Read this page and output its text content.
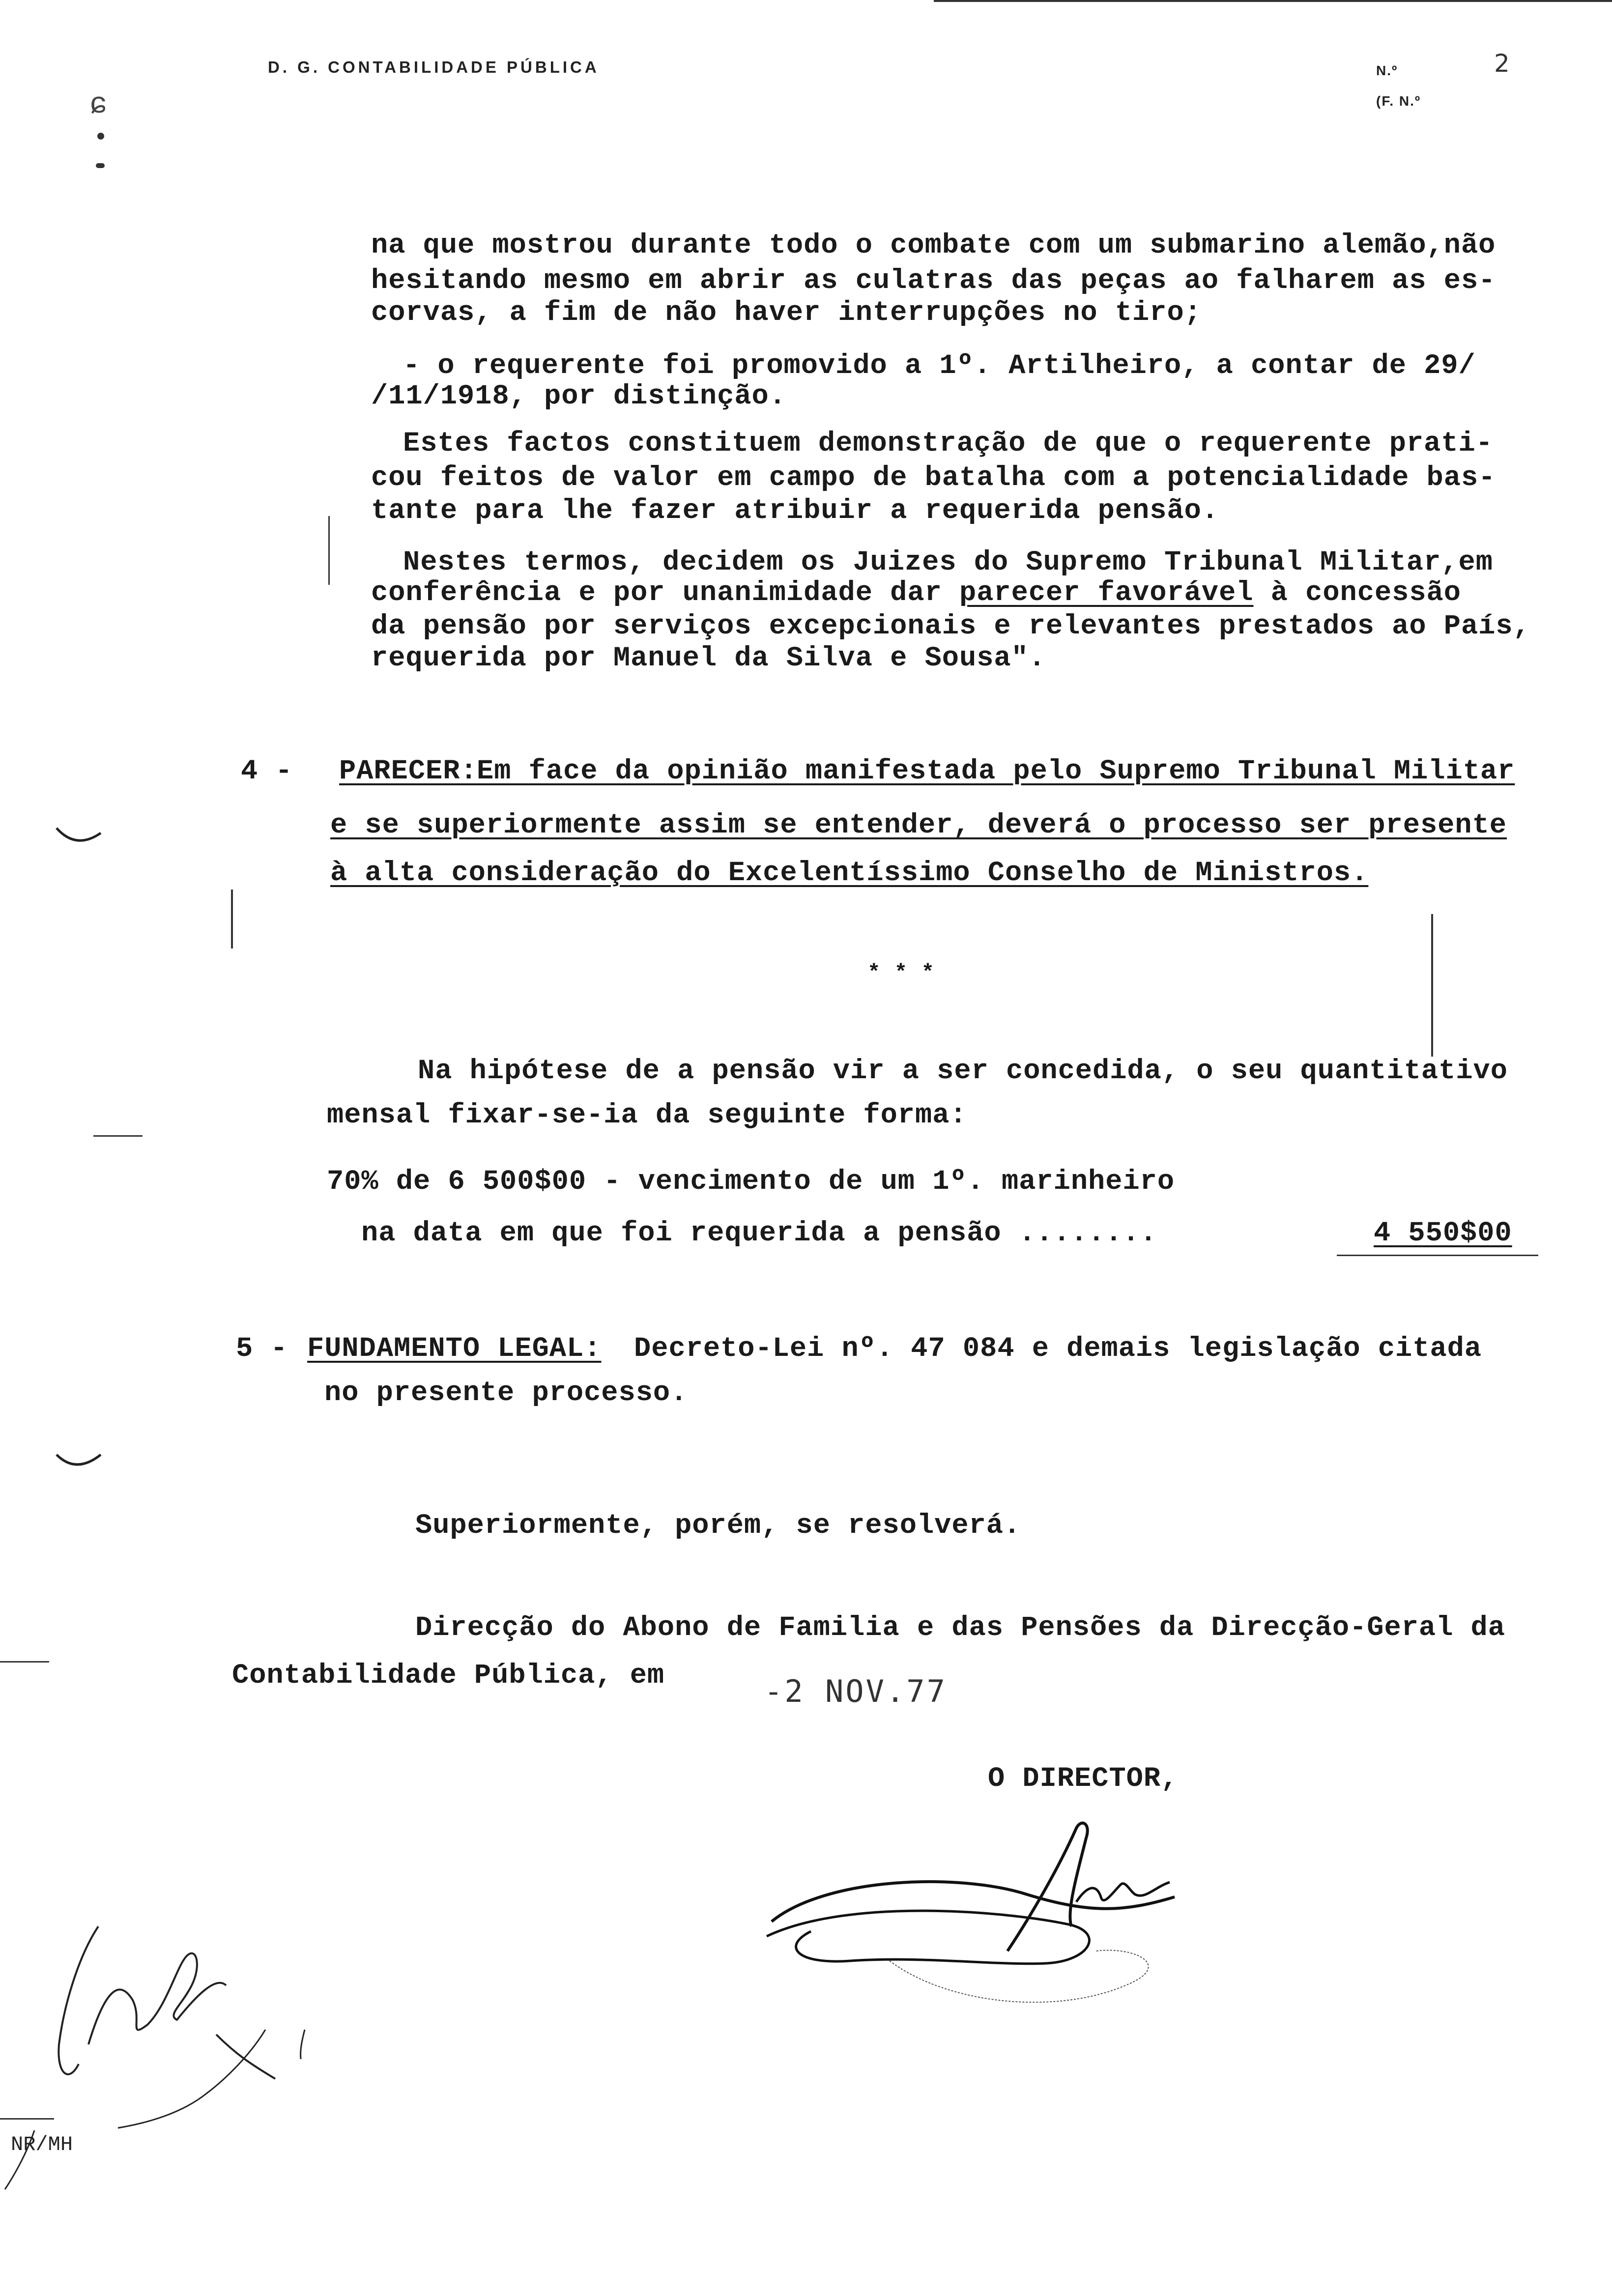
D. G. CONTABILIDADE PÚBLICA	N.º	2
(F. N.º
ɕ
na que mostrou durante todo o combate com um submarino alemão,não
hesitando mesmo em abrir as culatras das peças ao falharem as es-
corvas, a fim de não haver interrupções no tiro;
- o requerente foi promovido a 1º. Artilheiro, a contar de 29/
/11/1918, por distinção.
Estes factos constituem demonstração de que o requerente prati-
cou feitos de valor em campo de batalha com a potencialidade bas-
tante para lhe fazer atribuir a requerida pensão.
Nestes termos, decidem os Juizes do Supremo Tribunal Militar,em
conferência e por unanimidade dar parecer favorável à concessão
da pensão por serviços excepcionais e relevantes prestados ao País,
requerida por Manuel da Silva e Sousa".
4 - PARECER:
Em face da opinião manifestada pelo Supremo Tribunal Militar
e se superiormente assim se entender, deverá o processo ser presente
à alta consideração do Excelentíssimo Conselho de Ministros.
* * *
Na hipótese de a pensão vir a ser concedida, o seu quantitativo
mensal fixar-se-ia da seguinte forma:
70% de 6 500$00 - vencimento de um 1º. marinheiro
na data em que foi requerida a pensão ........	4 550$00
5 - FUNDAMENTO LEGAL: Decreto-Lei nº. 47 084 e demais legislação citada
no presente processo.
Superiormente, porém, se resolverá.
Direcção do Abono de Familia e das Pensões da Direcção-Geral da
Contabilidade Pública, em	-2 NOV.77
O DIRECTOR,
NR/MH
